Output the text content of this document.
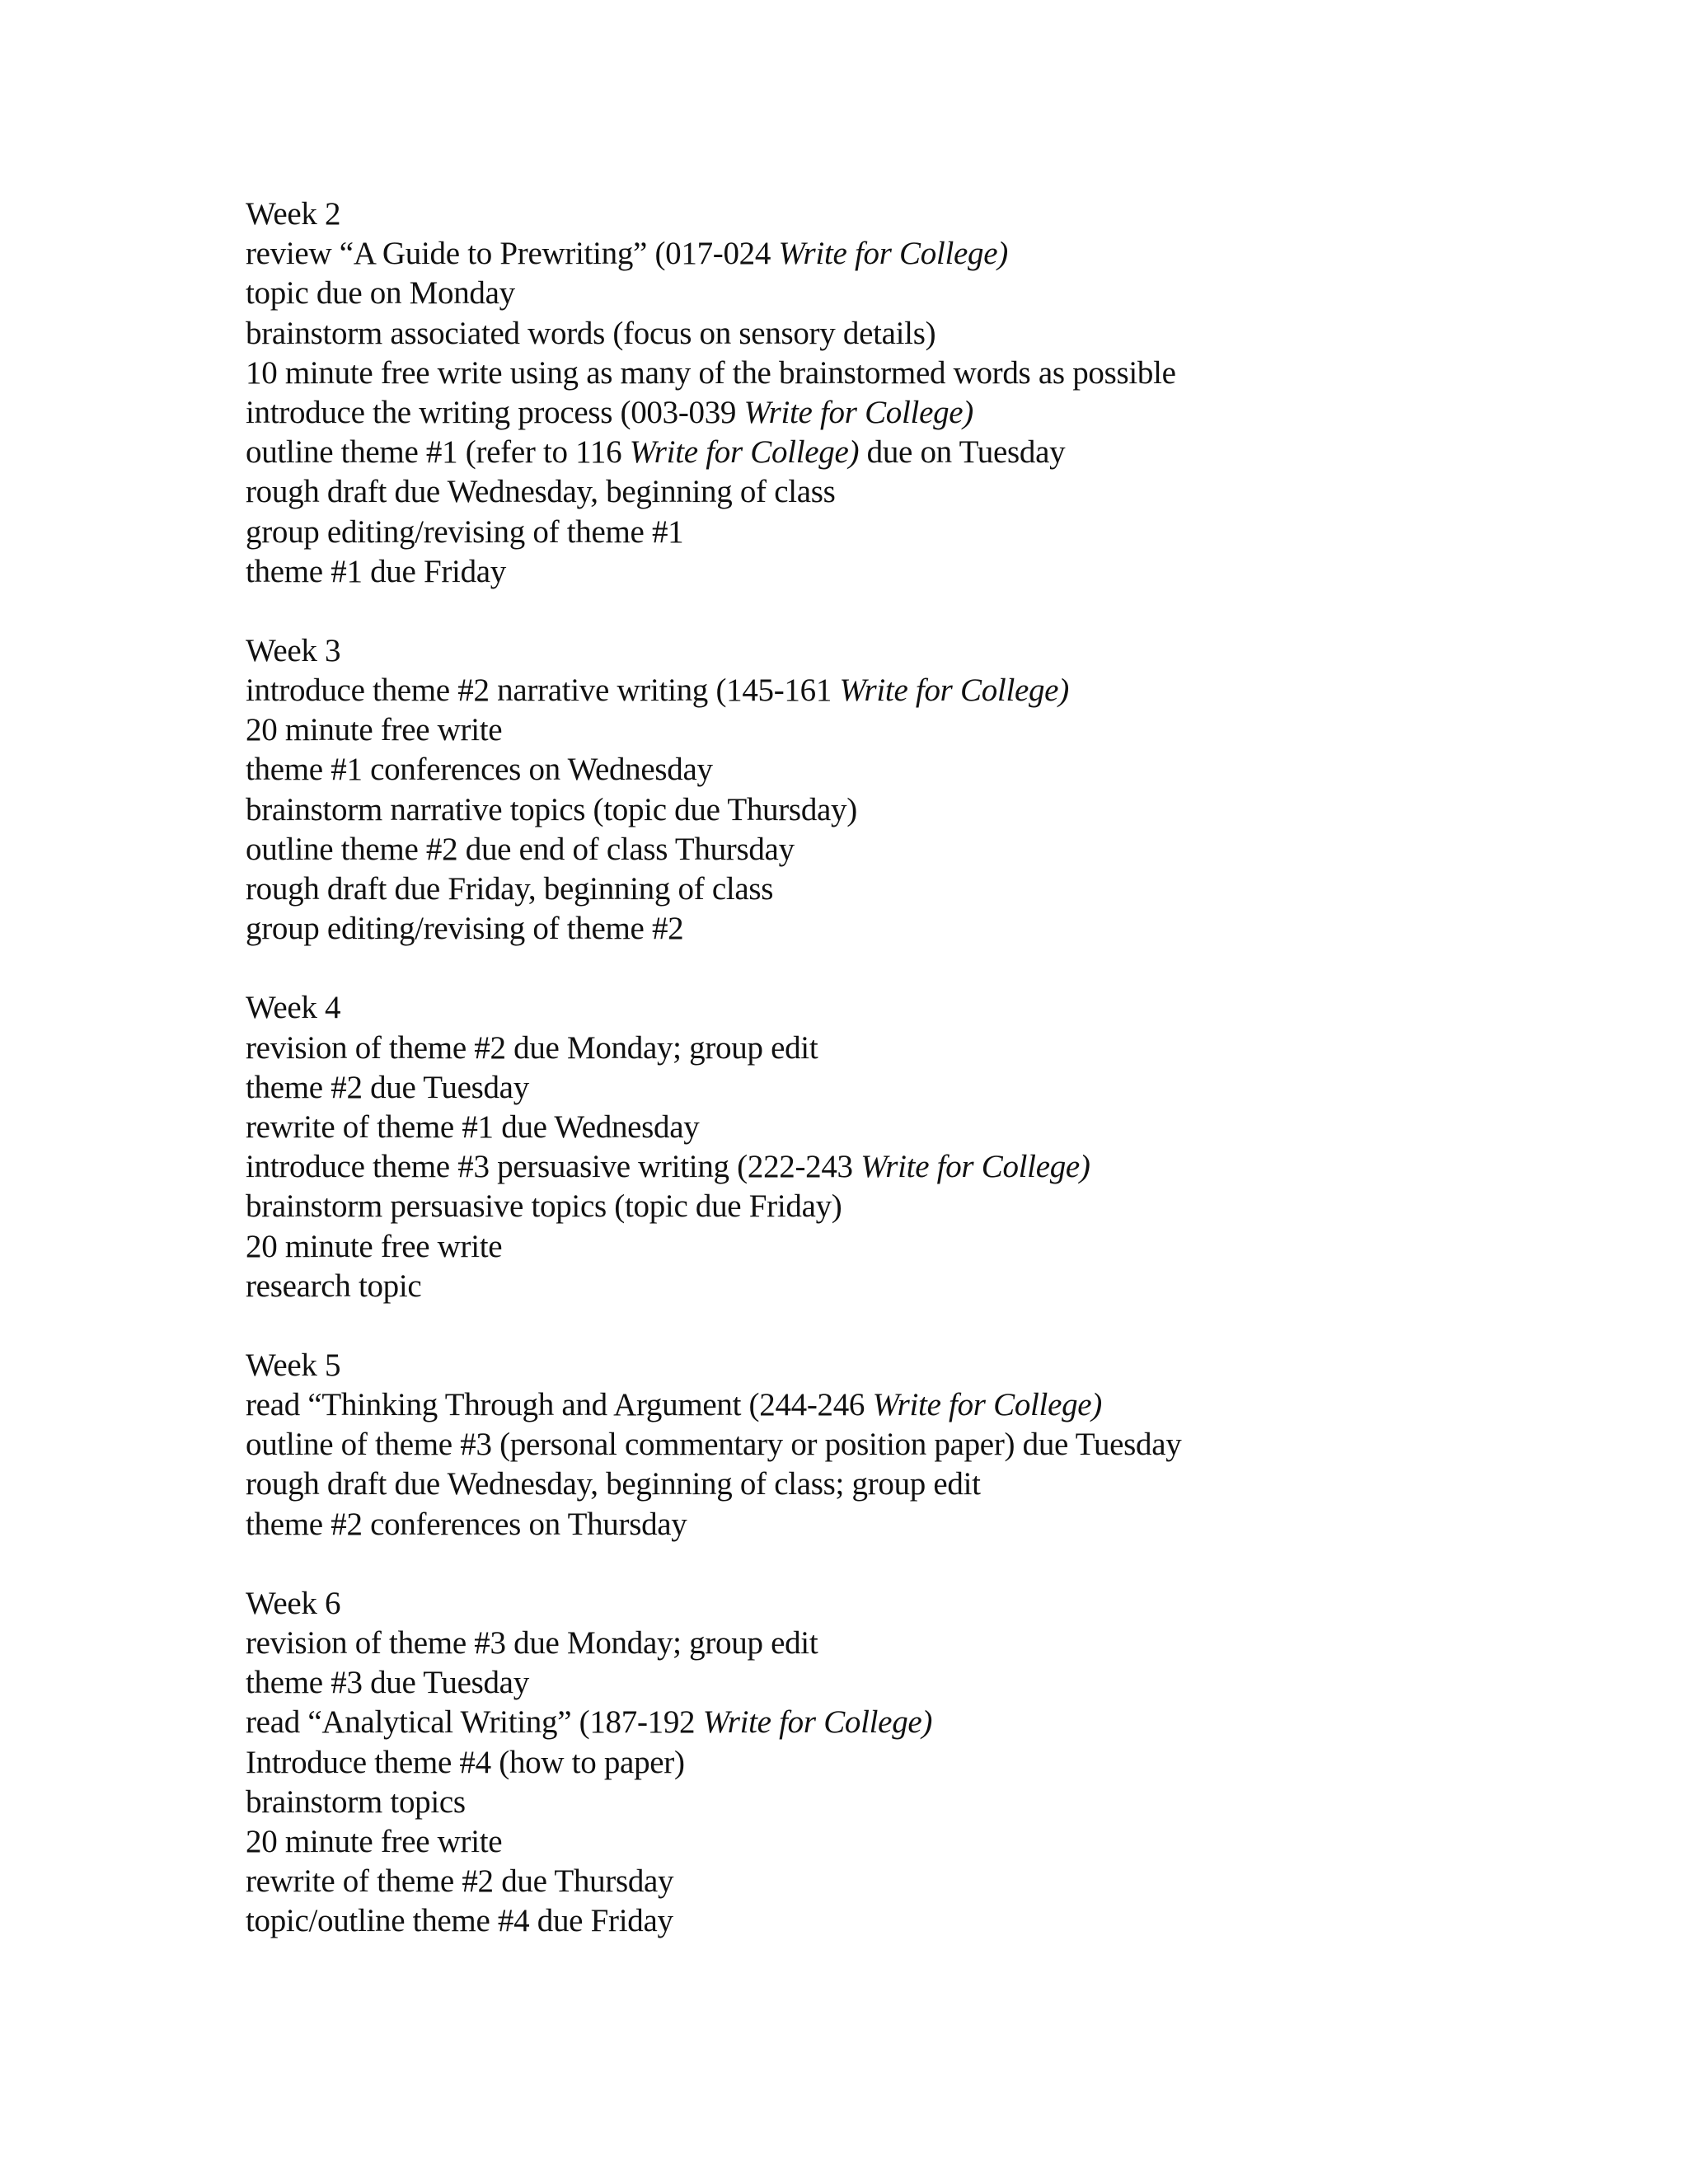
Week 2
review “A Guide to Prewriting” (017-024 Write for College)
topic due on Monday
brainstorm associated words (focus on sensory details)
10 minute free write using as many of the brainstormed words as possible
introduce the writing process (003-039 Write for College)
outline theme #1 (refer to 116 Write for College) due on Tuesday
rough draft due Wednesday, beginning of class
group editing/revising of theme #1
theme #1 due Friday
Week 3
introduce theme #2 narrative writing (145-161 Write for College)
20 minute free write
theme #1 conferences on Wednesday
brainstorm narrative topics (topic due Thursday)
outline theme #2 due end of class Thursday
rough draft due Friday, beginning of class
group editing/revising of theme #2
Week 4
revision of theme #2 due Monday; group edit
theme #2 due Tuesday
rewrite of theme #1 due Wednesday
introduce theme #3 persuasive writing (222-243 Write for College)
brainstorm persuasive topics (topic due Friday)
20 minute free write
research topic
Week 5
read “Thinking Through and Argument (244-246 Write for College)
outline of theme #3 (personal commentary or position paper) due Tuesday
rough draft due Wednesday, beginning of class; group edit
theme #2 conferences on Thursday
Week 6
revision of theme #3 due Monday; group edit
theme #3 due Tuesday
read “Analytical Writing” (187-192 Write for College)
Introduce theme #4 (how to paper)
brainstorm topics
20 minute free write
rewrite of theme #2 due Thursday
topic/outline theme #4 due Friday
